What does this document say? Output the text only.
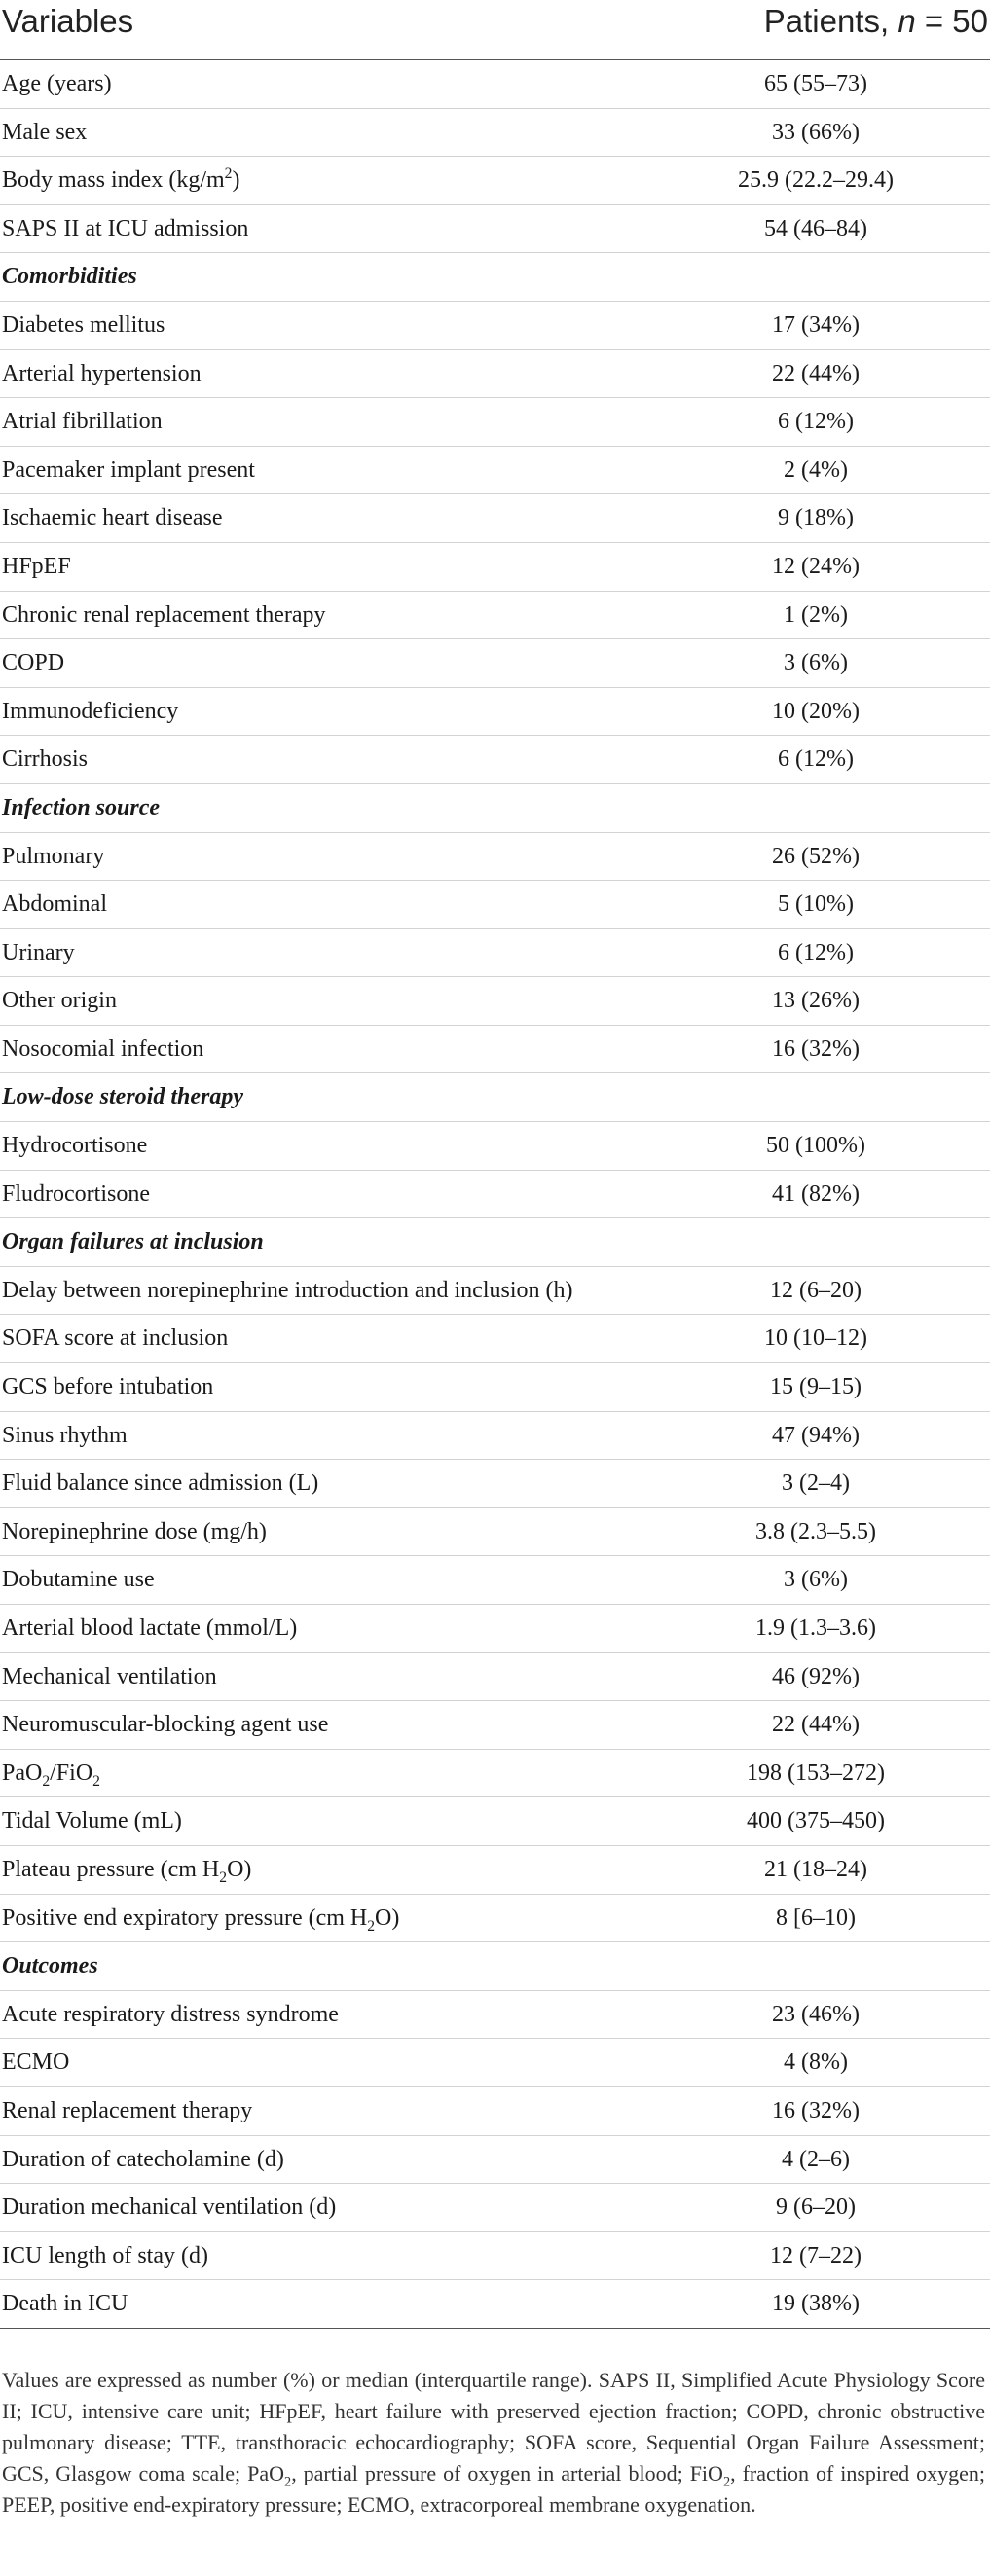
Variables	Patients, n = 50
Age (years)	65 (55–73)
Male sex	33 (66%)
Body mass index $(kg/m^2)$	25.9 (22.2–29.4)
SAPS II at ICU admission	54 (46–84)
Comorbidities
Diabetes mellitus	17 (34%)
Arterial hypertension	22 (44%)
Atrial fibrillation	6 (12%)
Pacemaker implant present	2 (4%)
Ischaemic heart disease	9 (18%)
HFpEF	12 (24%)
Chronic renal replacement therapy	1 (2%)
COPD	3 (6%)
Immunodeficiency	10 (20%)
Cirrhosis	6 (12%)
Infection source
Pulmonary	26 (52%)
Abdominal	5 (10%)
Urinary	6 (12%)
Other origin	13 (26%)
Nosocomial infection	16 (32%)
Low-dose steroid therapy
Hydrocortisone	50 (100%)
Fludrocortisone	41 (82%)
Organ failures at inclusion
Delay between norepinephrine introduction and inclusion (h)	12 (6–20)
SOFA score at inclusion	10 (10–12)
GCS before intubation	15 (9–15)
Sinus rhythm	47 (94%)
Fluid balance since admission (L)	3 (2–4)
Norepinephrine dose (mg/h)	3.8 (2.3–5.5)
Dobutamine use	3 (6%)
Arterial blood lactate (mmol/L)	1.9 (1.3–3.6)
Mechanical ventilation	46 (92%)
Neuromuscular-blocking agent use	22 (44%)
PaO$_2$/FiO$_2$	198 (153–272)
Tidal Volume (mL)	400 (375–450)
Plateau pressure (cm $H_2O$)	21 (18–24)
Positive end expiratory pressure (cm $H_2O$)	8 [6–10)
Outcomes
Acute respiratory distress syndrome	23 (46%)
ECMO	4 (8%)
Renal replacement therapy	16 (32%)
Duration of catecholamine (d)	4 (2–6)
Duration mechanical ventilation (d)	9 (6–20)
ICU length of stay (d)	12 (7–22)
Death in ICU	19 (38%)
Values are expressed as number (%) or median (interquartile range). SAPS II, Simplified Acute Physiology Score II; ICU, intensive care unit; HFpEF, heart failure with preserved ejection fraction; COPD, chronic obstructive pulmonary disease; TTE, transthoracic echocardiography; SOFA score, Sequential Organ Failure Assessment; GCS, Glasgow coma scale; PaO$_2$, partial pressure of oxygen in arterial blood; FiO$_2$, fraction of inspired oxygen; PEEP, positive end-expiratory pressure; ECMO, extracorporeal membrane oxygenation.
